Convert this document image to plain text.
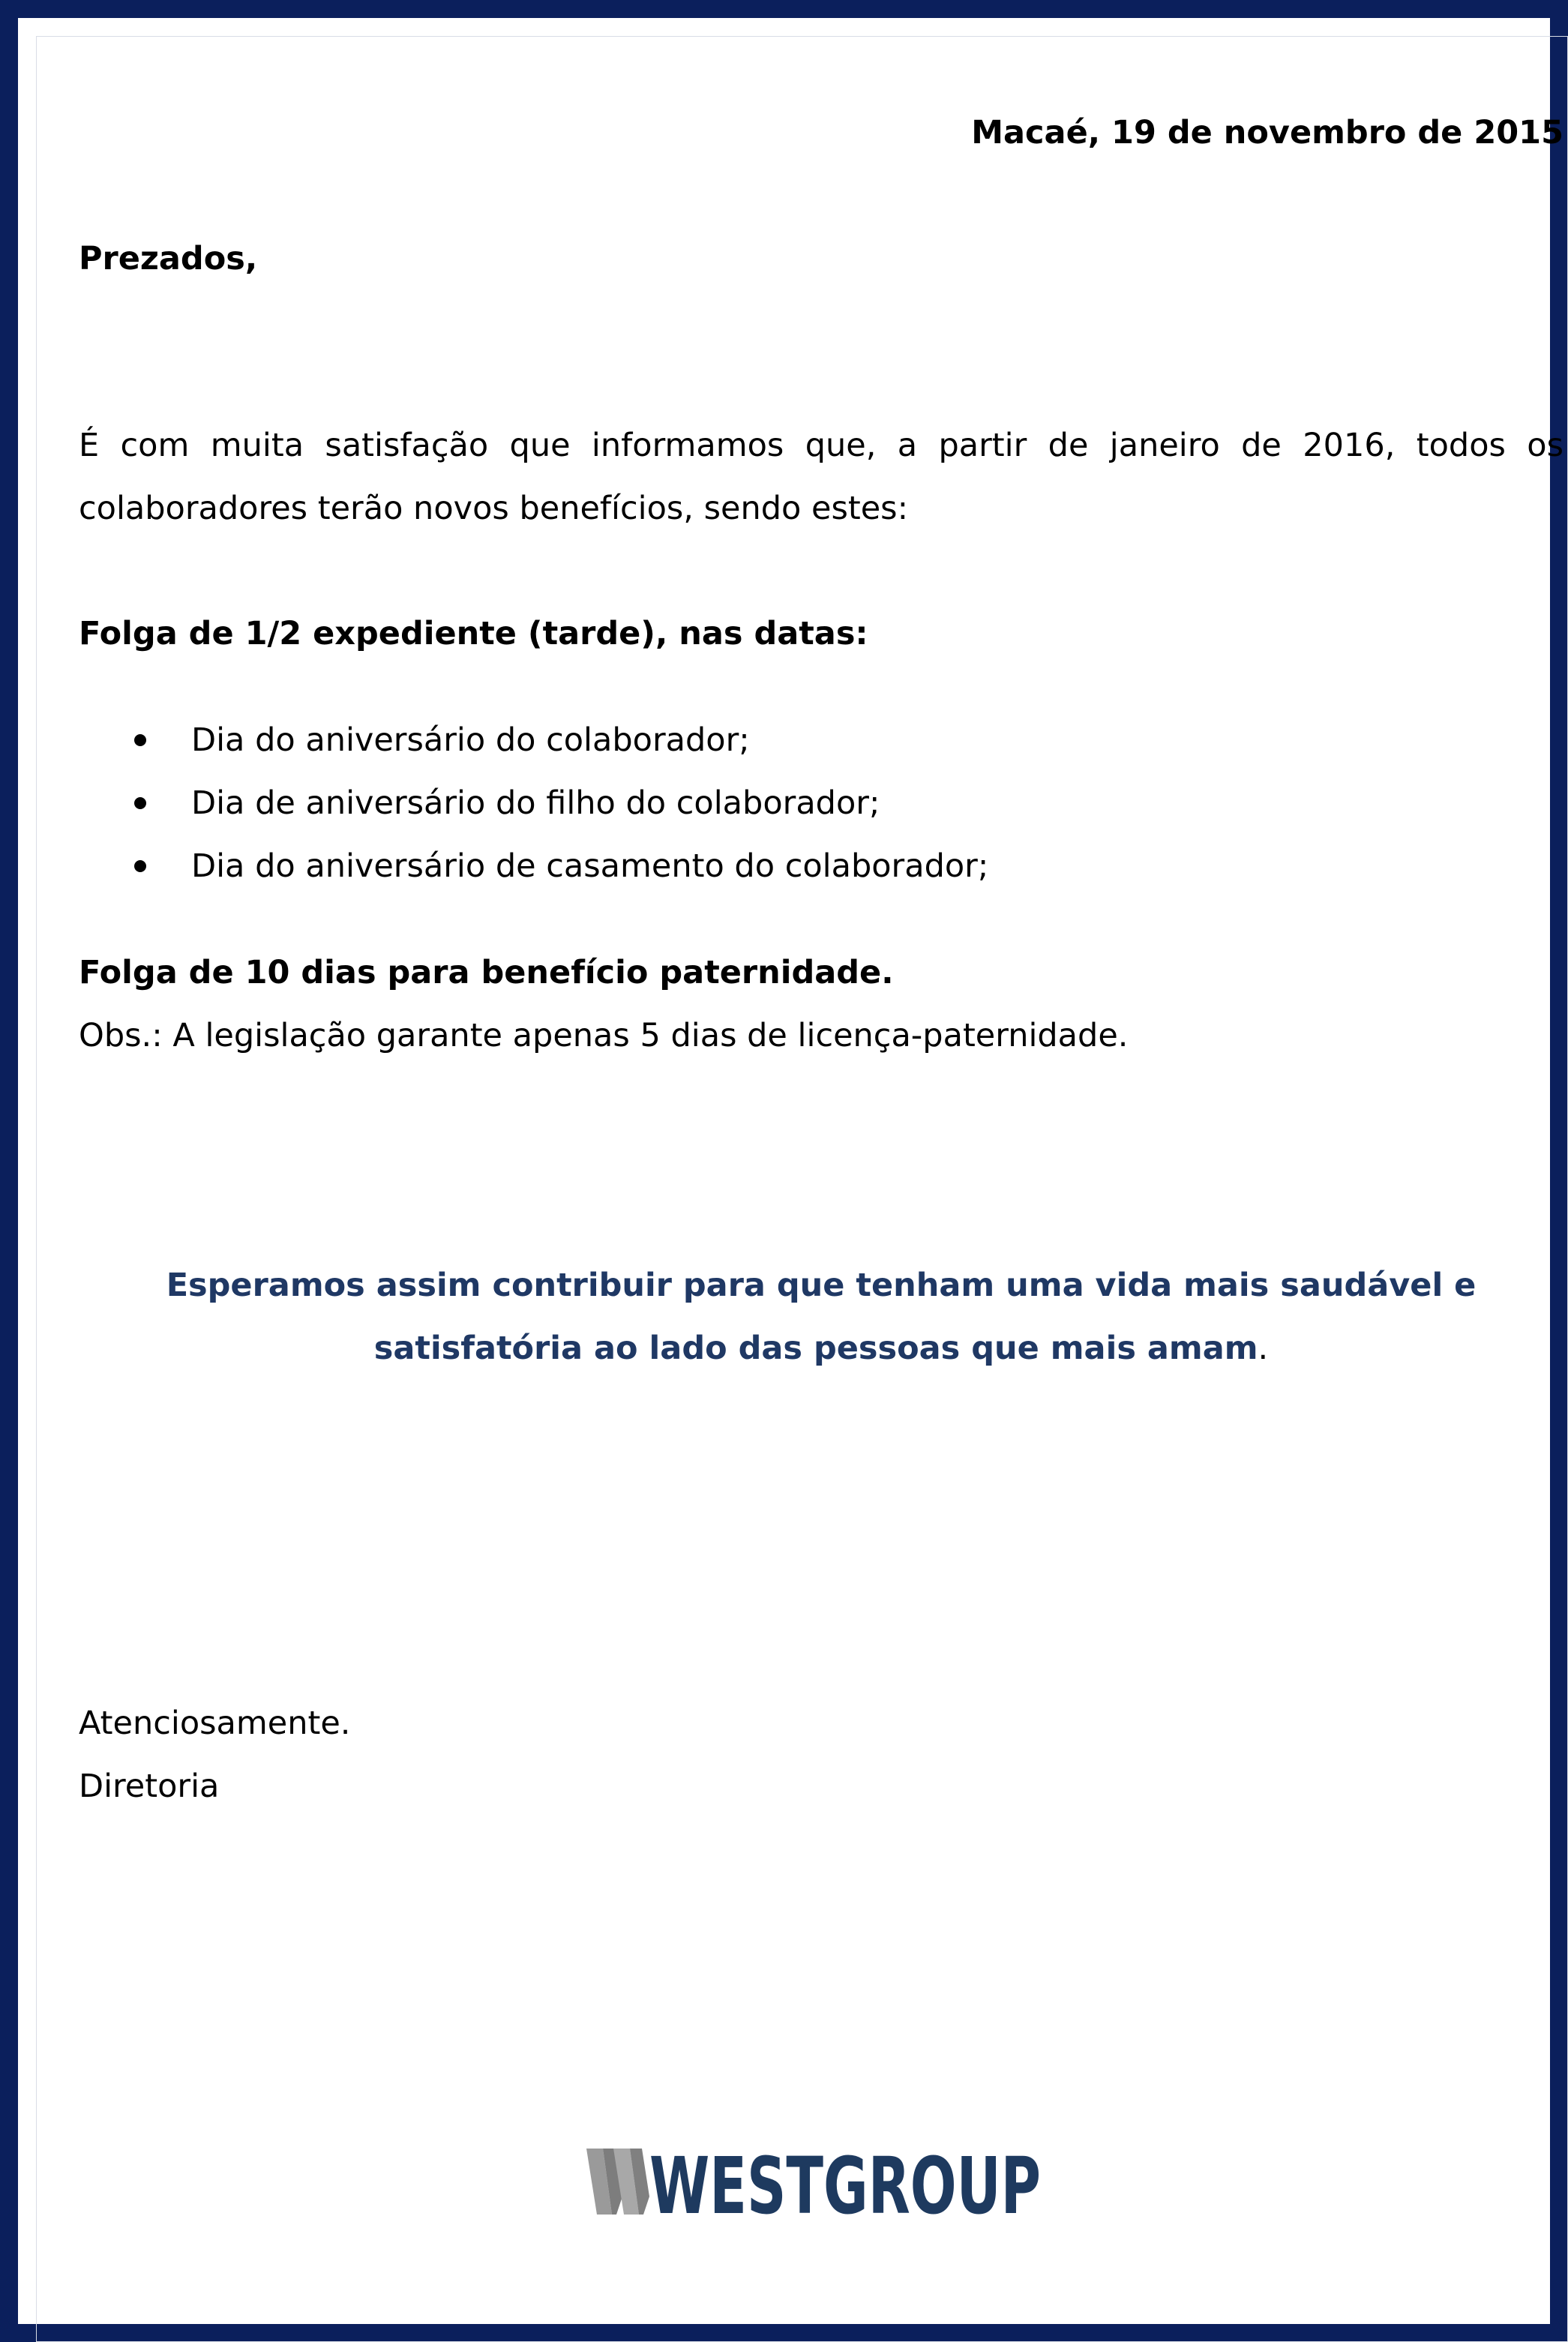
Macaé, 19 de novembro de 2015

Prezados,

É com muita satisfação que informamos que, a partir de janeiro de 2016, todos os
colaboradores terão novos benefícios, sendo estes:

Folga de 1/2 expediente (tarde), nas datas:

Dia do aniversário do colaborador;
Dia de aniversário do filho do colaborador;
Dia do aniversário de casamento do colaborador;

Folga de 10 dias para benefício paternidade.

Obs.: A legislação garante apenas 5 dias de licença-paternidade.

Esperamos assim contribuir para que tenham uma vida mais saudável e
satisfatória ao lado das pessoas que mais amam.

Atenciosamente.

Diretoria

WESTGROUP
